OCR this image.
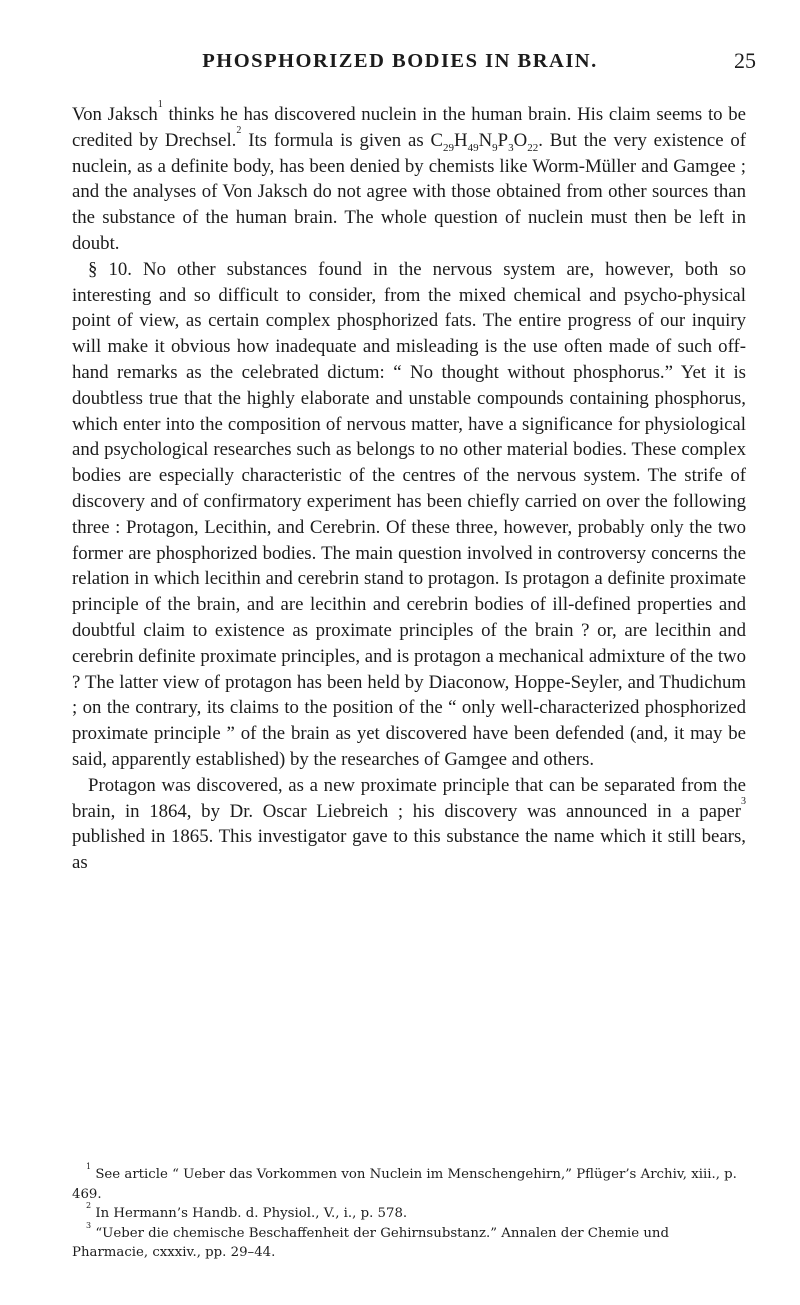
PHOSPHORIZED BODIES IN BRAIN.	25

Von Jaksch$^1$ thinks he has discovered nuclein in the human brain. His claim seems to be credited by Drechsel.$^2$ Its formula is given as $C_{29}H_{49}N_9P_3O_{22}$. But the very existence of nuclein, as a definite body, has been denied by chemists like Worm-Müller and Gamgee ; and the analyses of Von Jaksch do not agree with those obtained from other sources than the substance of the human brain. The whole question of nuclein must then be left in doubt.

§ 10. No other substances found in the nervous system are, however, both so interesting and so difficult to consider, from the mixed chemical and psycho-physical point of view, as certain complex phosphorized fats. The entire progress of our inquiry will make it obvious how inadequate and misleading is the use often made of such off-hand remarks as the celebrated dictum: “ No thought without phosphorus.” Yet it is doubtless true that the highly elaborate and unstable compounds containing phosphorus, which enter into the composition of nervous matter, have a significance for physiological and psychological researches such as belongs to no other material bodies. These complex bodies are especially characteristic of the centres of the nervous system. The strife of discovery and of confirmatory experiment has been chiefly carried on over the following three : Protagon, Lecithin, and Cerebrin. Of these three, however, probably only the two former are phosphorized bodies. The main question involved in controversy concerns the relation in which lecithin and cerebrin stand to protagon. Is protagon a definite proximate principle of the brain, and are lecithin and cerebrin bodies of ill-defined properties and doubtful claim to existence as proximate principles of the brain ? or, are lecithin and cerebrin definite proximate principles, and is protagon a mechanical admixture of the two ? The latter view of protagon has been held by Diaconow, Hoppe-Seyler, and Thudichum ; on the contrary, its claims to the position of the “ only well-characterized phosphorized proximate principle ” of the brain as yet discovered have been defended (and, it may be said, apparently established) by the researches of Gamgee and others.

Protagon was discovered, as a new proximate principle that can be separated from the brain, in 1864, by Dr. Oscar Liebreich ; his discovery was announced in a paper$^3$ published in 1865. This investigator gave to this substance the name which it still bears, as

$^1$ See article “ Ueber das Vorkommen von Nuclein im Menschengehirn,” Pflüger’s Archiv, xiii., p. 469.

$^2$ In Hermann’s Handb. d. Physiol., V., i., p. 578.

$^3$ “Ueber die chemische Beschaffenheit der Gehirnsubstanz.” Annalen der Chemie und Pharmacie, cxxxiv., pp. 29–44.
